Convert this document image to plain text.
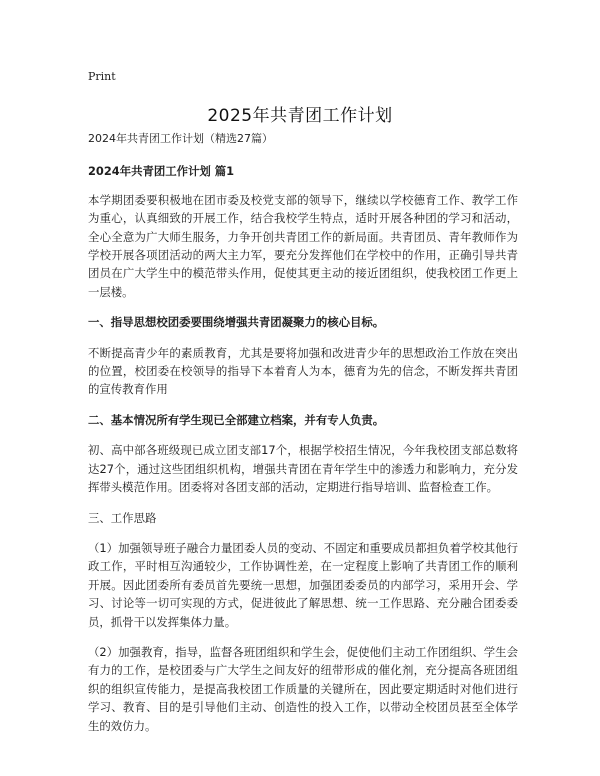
Print
2025年共青团工作计划

2024年共青团工作计划（精选27篇）

2024年共青团工作计划 篇1

本学期团委要积极地在团市委及校党支部的领导下，继续以学校德育工作、教学工作为重心，认真细致的开展工作，结合我校学生特点，适时开展各种团的学习和活动，全心全意为广大师生服务，力争开创共青团工作的新局面。共青团员、青年教师作为学校开展各项团活动的两大主力军，要充分发挥他们在学校中的作用，正确引导共青团员在广大学生中的模范带头作用，促使其更主动的接近团组织，使我校团工作更上一层楼。

一、指导思想校团委要围绕增强共青团凝聚力的核心目标。

不断提高青少年的素质教育，尤其是要将加强和改进青少年的思想政治工作放在突出的位置，校团委在校领导的指导下本着育人为本，德育为先的信念，不断发挥共青团的宣传教育作用

二、基本情况所有学生现已全部建立档案，并有专人负责。

初、高中部各班级现已成立团支部17个，根据学校招生情况，今年我校团支部总数将达27个，通过这些团组织机构，增强共青团在青年学生中的渗透力和影响力，充分发挥带头模范作用。团委将对各团支部的活动，定期进行指导培训、监督检查工作。

三、工作思路

（1）加强领导班子融合力量团委人员的变动、不固定和重要成员都担负着学校其他行政工作，平时相互沟通较少，工作协调性差，在一定程度上影响了共青团工作的顺利开展。因此团委所有委员首先要统一思想，加强团委委员的内部学习，采用开会、学习、讨论等一切可实现的方式，促进彼此了解思想、统一工作思路、充分融合团委委员，抓骨干以发挥集体力量。

（2）加强教育，指导，监督各班团组织和学生会，促使他们主动工作团组织、学生会有力的工作，是校团委与广大学生之间友好的纽带形成的催化剂，充分提高各班团组织的组织宣传能力，是提高我校团工作质量的关键所在，因此要定期适时对他们进行学习、教育、目的是引导他们主动、创造性的投入工作，以带动全校团员甚至全体学生的效仿力。
